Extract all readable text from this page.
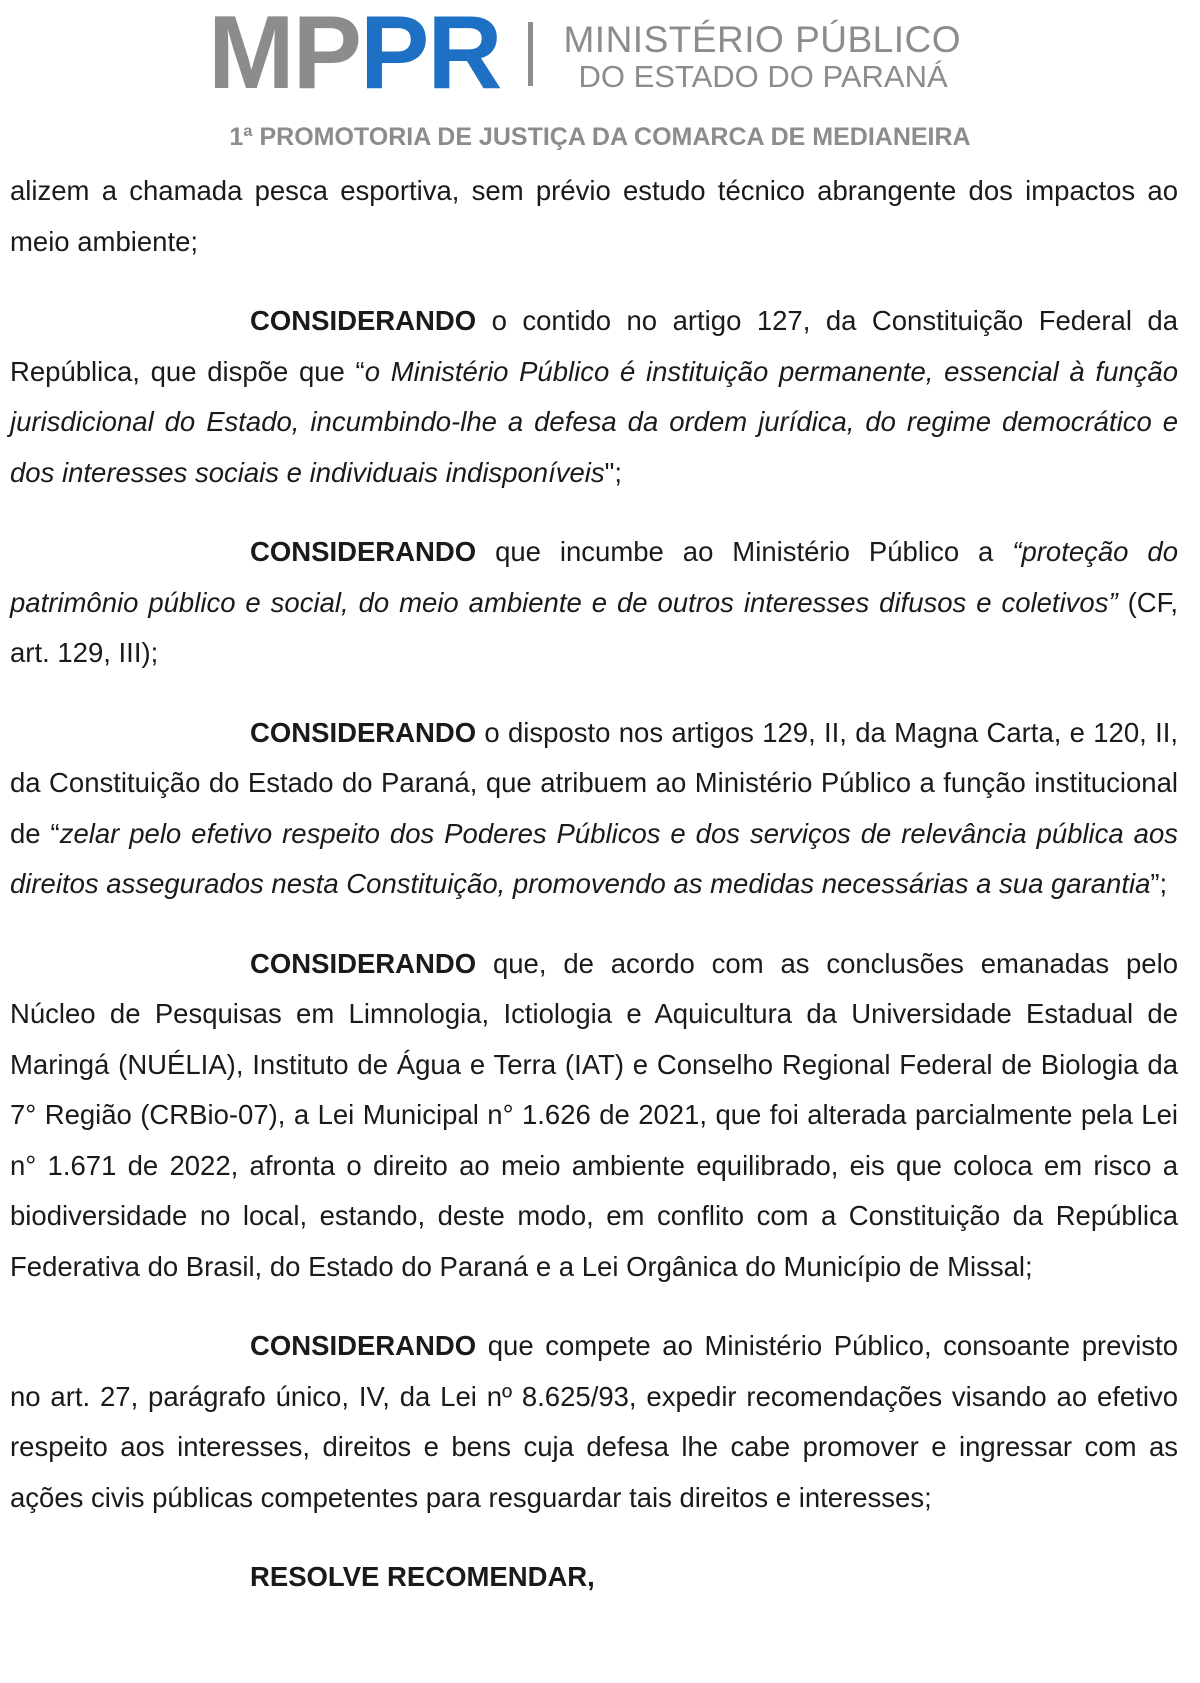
MPPR MINISTÉRIO PÚBLICO
DO ESTADO DO PARANÁ
1ª PROMOTORIA DE JUSTIÇA DA COMARCA DE MEDIANEIRA

alizem a chamada pesca esportiva, sem prévio estudo técnico abrangente dos impactos ao meio ambiente;

CONSIDERANDO o contido no artigo 127, da Constituição Federal da República, que dispõe que “o Ministério Público é instituição permanente, essencial à função jurisdicional do Estado, incumbindo-lhe a defesa da ordem jurídica, do regime democrático e dos interesses sociais e individuais indisponíveis";

CONSIDERANDO que incumbe ao Ministério Público a “proteção do patrimônio público e social, do meio ambiente e de outros interesses difusos e coletivos” (CF, art. 129, III);

CONSIDERANDO o disposto nos artigos 129, II, da Magna Carta, e 120, II, da Constituição do Estado do Paraná, que atribuem ao Ministério Público a função institucional de “zelar pelo efetivo respeito dos Poderes Públicos e dos serviços de relevância pública aos direitos assegurados nesta Constituição, promovendo as medidas necessárias a sua garantia”;

CONSIDERANDO que, de acordo com as conclusões emanadas pelo Núcleo de Pesquisas em Limnologia, Ictiologia e Aquicultura da Universidade Estadual de Maringá (NUÉLIA), Instituto de Água e Terra (IAT) e Conselho Regional Federal de Biologia da 7° Região (CRBio-07), a Lei Municipal n° 1.626 de 2021, que foi alterada parcialmente pela Lei n° 1.671 de 2022, afronta o direito ao meio ambiente equilibrado, eis que coloca em risco a biodiversidade no local, estando, deste modo, em conflito com a Constituição da República Federativa do Brasil, do Estado do Paraná e a Lei Orgânica do Município de Missal;

CONSIDERANDO que compete ao Ministério Público, consoante previsto no art. 27, parágrafo único, IV, da Lei nº 8.625/93, expedir recomendações visando ao efetivo respeito aos interesses, direitos e bens cuja defesa lhe cabe promover e ingressar com as ações civis públicas competentes para resguardar tais direitos e interesses;

RESOLVE RECOMENDAR,
